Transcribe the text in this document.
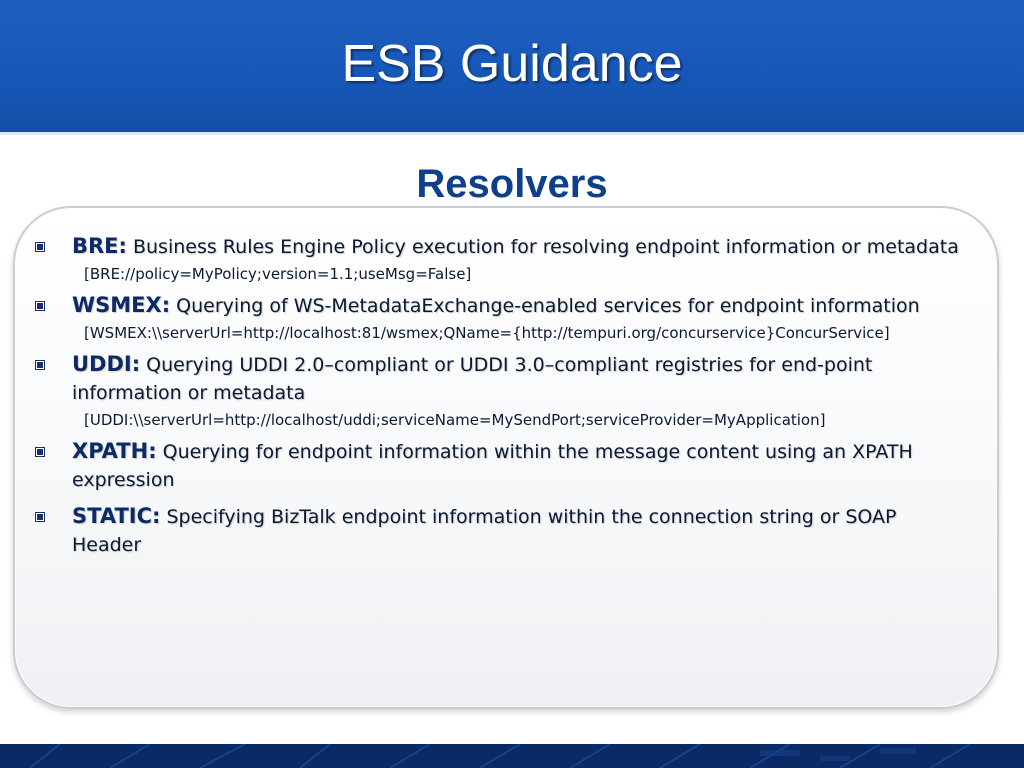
ESB Guidance
Resolvers
BRE: Business Rules Engine Policy execution for resolving endpoint information or metadata
[BRE://policy=MyPolicy;version=1.1;useMsg=False]
WSMEX: Querying of WS-MetadataExchange-enabled services for endpoint information
[WSMEX:\\serverUrl=http://localhost:81/wsmex;QName={http://tempuri.org/concurservice}ConcurService]
UDDI: Querying UDDI 2.0–compliant or UDDI 3.0–compliant registries for end-point information or metadata
[UDDI:\\serverUrl=http://localhost/uddi;serviceName=MySendPort;serviceProvider=MyApplication]
XPATH: Querying for endpoint information within the message content using an XPATH expression
STATIC: Specifying BizTalk endpoint information within the connection string or SOAP Header
